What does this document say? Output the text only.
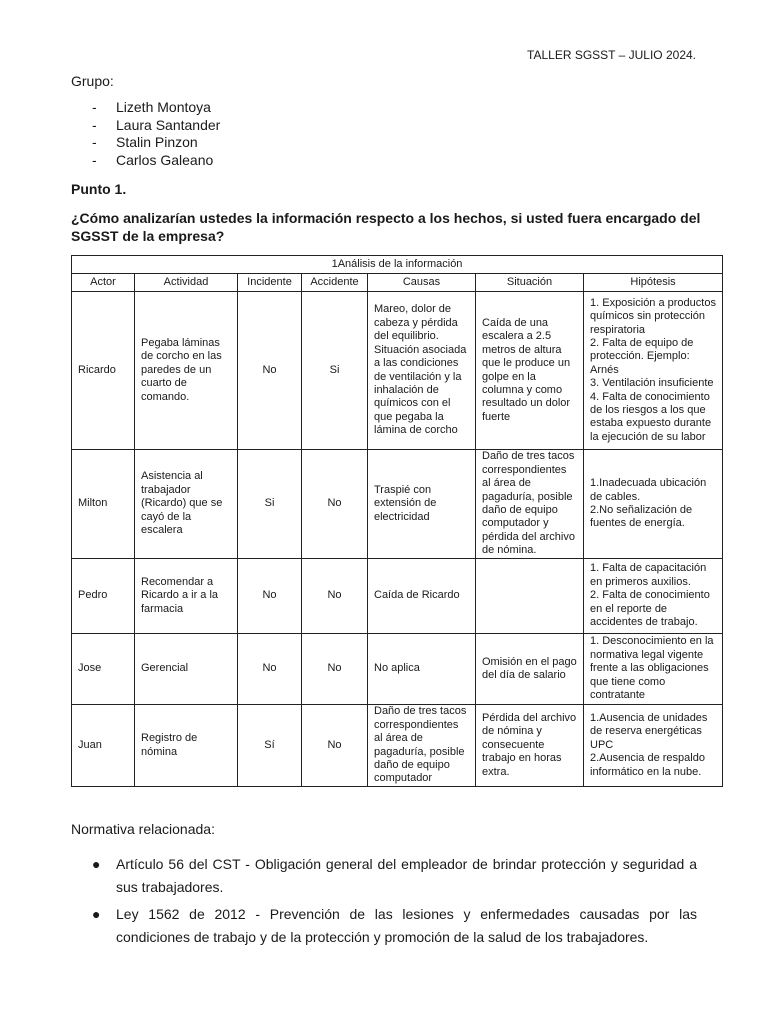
TALLER SGSST – JULIO 2024.
Grupo:
- Lizeth Montoya
- Laura Santander
- Stalin Pinzon
- Carlos Galeano
Punto 1.
¿Cómo analizarían ustedes la información respecto a los hechos, si usted fuera encargado del SGSST de la empresa?
1Análisis de la información						
Actor	Actividad	Incidente	Accidente	Causas	Situación	Hipótesis
Ricardo	Pegaba láminas de corcho en las paredes de un cuarto de comando.	No	Si	Mareo, dolor de cabeza y pérdida del equilibrio. Situación asociada a las condiciones de ventilación y la inhalación de químicos con el que pegaba la lámina de corcho	Caída de una escalera a 2.5 metros de altura que le produce un golpe en la columna y como resultado un dolor fuerte	1. Exposición a productos químicos sin protección respiratoria
2. Falta de equipo de protección. Ejemplo: Arnés
3. Ventilación insuficiente
4. Falta de conocimiento de los riesgos a los que estaba expuesto durante la ejecución de su labor

Milton	Asistencia al trabajador (Ricardo) que se cayó de la escalera	Si	No	Traspié con extensión de electricidad	Daño de tres tacos correspondientes al área de pagaduría, posible daño de equipo computador y pérdida del archivo de nómina.	1.Inadecuada ubicación de cables.
2.No señalización de fuentes de energía.

Pedro	Recomendar a Ricardo a ir a la farmacia	No	No	Caída de Ricardo		1. Falta de capacitación en primeros auxilios.
2. Falta de conocimiento en el reporte de accidentes de trabajo.

Jose	Gerencial	No	No	No aplica	Omisión en el pago del día de salario	1. Desconocimiento en la normativa legal vigente frente a las obligaciones que tiene como contratante

Juan	Registro de nómina	Sí	No	Daño de tres tacos correspondientes al área de pagaduría, posible daño de equipo computador	Pérdida del archivo de nómina y consecuente trabajo en horas extra.	1.Ausencia de unidades de reserva energéticas UPC
2.Ausencia de respaldo informático en la nube.
Normativa relacionada:
● Artículo 56 del CST - Obligación general del empleador de brindar protección y seguridad a sus trabajadores.
● Ley 1562 de 2012 - Prevención de las lesiones y enfermedades causadas por las condiciones de trabajo y de la protección y promoción de la salud de los trabajadores.
